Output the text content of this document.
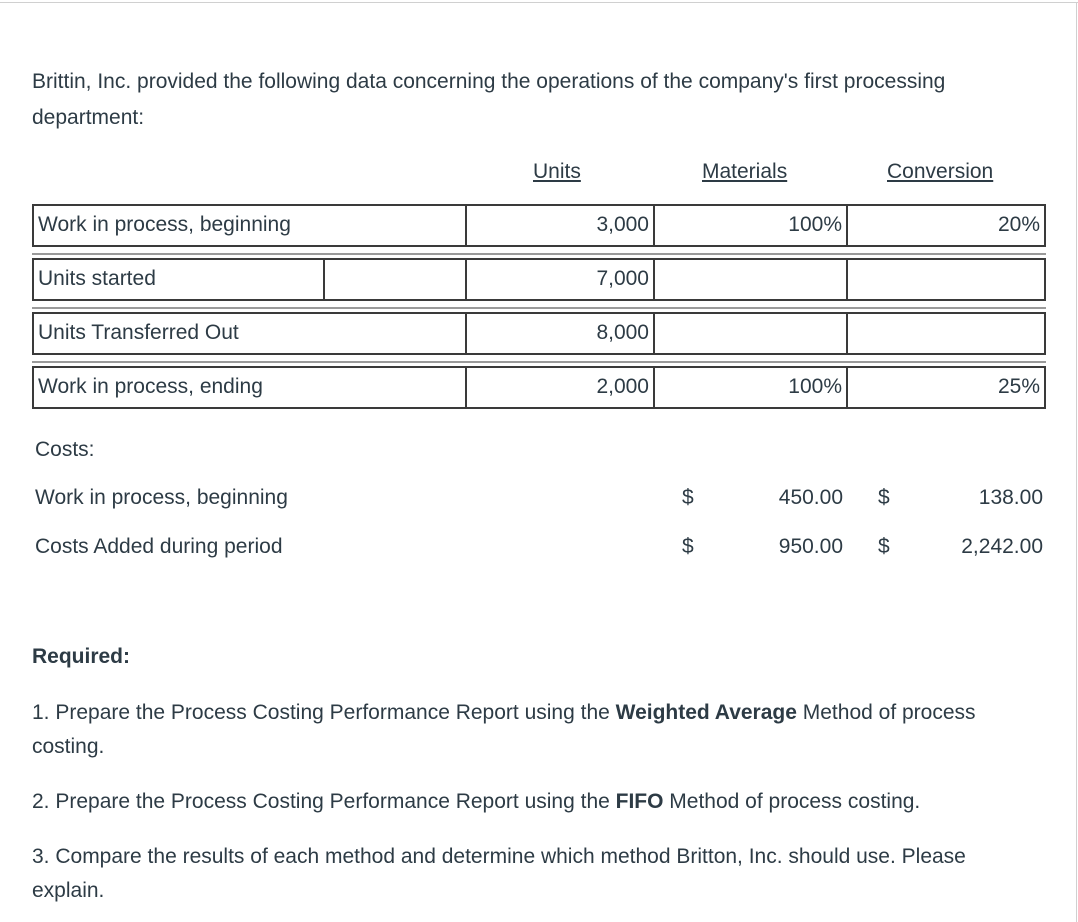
Brittin, Inc. provided the following data concerning the operations of the company's first processing department:
Units	Materials	Conversion
Work in process, beginning	3,000	100%	20%
Units started	7,000
Units Transferred Out	8,000
Work in process, ending	2,000	100%	25%
Costs:
Work in process, beginning	$	450.00 $	138.00
Costs Added during period	$	950.00 $	2,242.00
Required:
1. Prepare the Process Costing Performance Report using the Weighted Average Method of process costing.
2. Prepare the Process Costing Performance Report using the FIFO Method of process costing.
3. Compare the results of each method and determine which method Britton, Inc. should use. Please explain.
